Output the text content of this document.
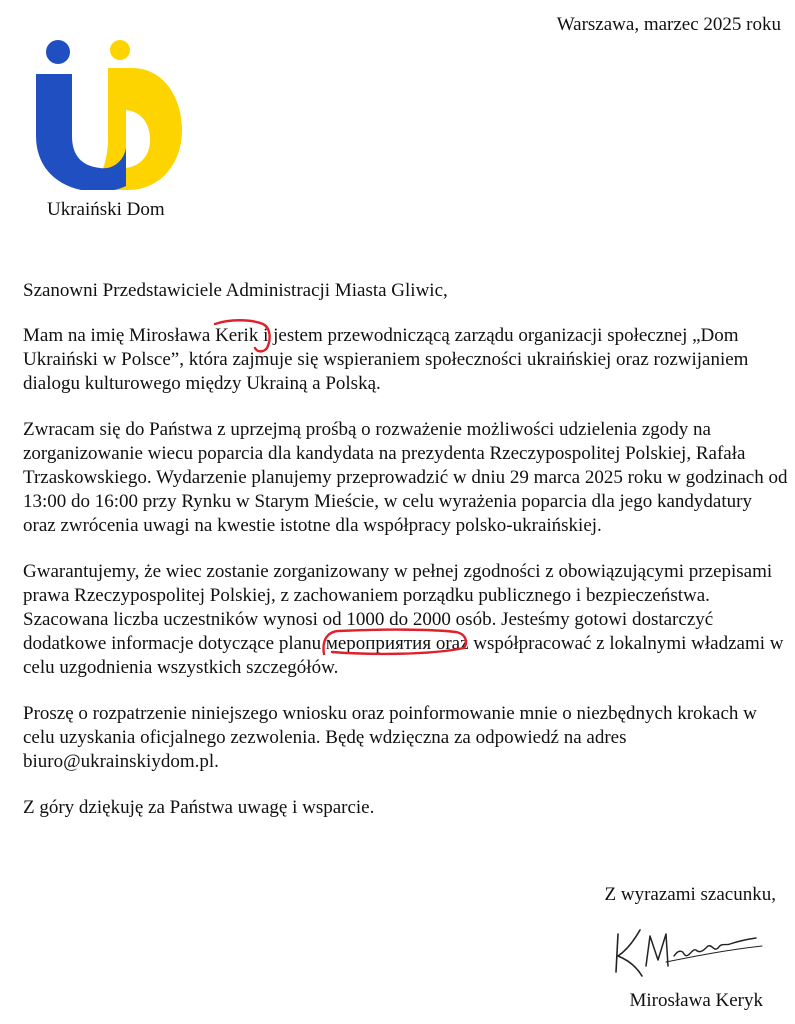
Warszawa, marzec 2025 roku
Ukraiński Dom

Szanowni Przedstawiciele Administracji Miasta Gliwic,

Mam na imię Mirosława Kerik
i jestem przewodniczącą zarządu organizacji społecznej „Dom Ukraiński w Polsce”, która zajmuje się wspieraniem społeczności ukraińskiej oraz rozwijaniem dialogu kulturowego między Ukrainą a Polską.

Zwracam się do Państwa z uprzejmą prośbą o rozważenie możliwości udzielenia zgody na zorganizowanie wiecu poparcia dla kandydata na prezydenta Rzeczypospolitej Polskiej, Rafała Trzaskowskiego. Wydarzenie planujemy przeprowadzić w dniu 29 marca 2025 roku w godzinach od 13:00 do 16:00 przy Rynku w Starym Mieście, w celu wyrażenia poparcia dla jego kandydatury oraz zwrócenia uwagi na kwestie istotne dla współpracy polsko-ukraińskiej.

Gwarantujemy, że wiec zostanie zorganizowany w pełnej zgodności z obowiązującymi przepisami prawa Rzeczypospolitej Polskiej, z zachowaniem porządku publicznego i bezpieczeństwa. Szacowana liczba uczestników wynosi od 1000 do 2000 osób. Jesteśmy gotowi dostarczyć dodatkowe informacje dotyczące planu мероприятия
oraz współpracować z lokalnymi władzami w celu uzgodnienia wszystkich szczegółów.

Proszę o rozpatrzenie niniejszego wniosku oraz poinformowanie mnie o niezbędnych krokach w celu uzyskania oficjalnego zezwolenia. Będę wdzięczna za odpowiedź na adres biuro@ukrainskiydom.pl.

Z góry dziękuję za Państwa uwagę i wsparcie.

Z wyrazami szacunku,
Mirosława Keryk
